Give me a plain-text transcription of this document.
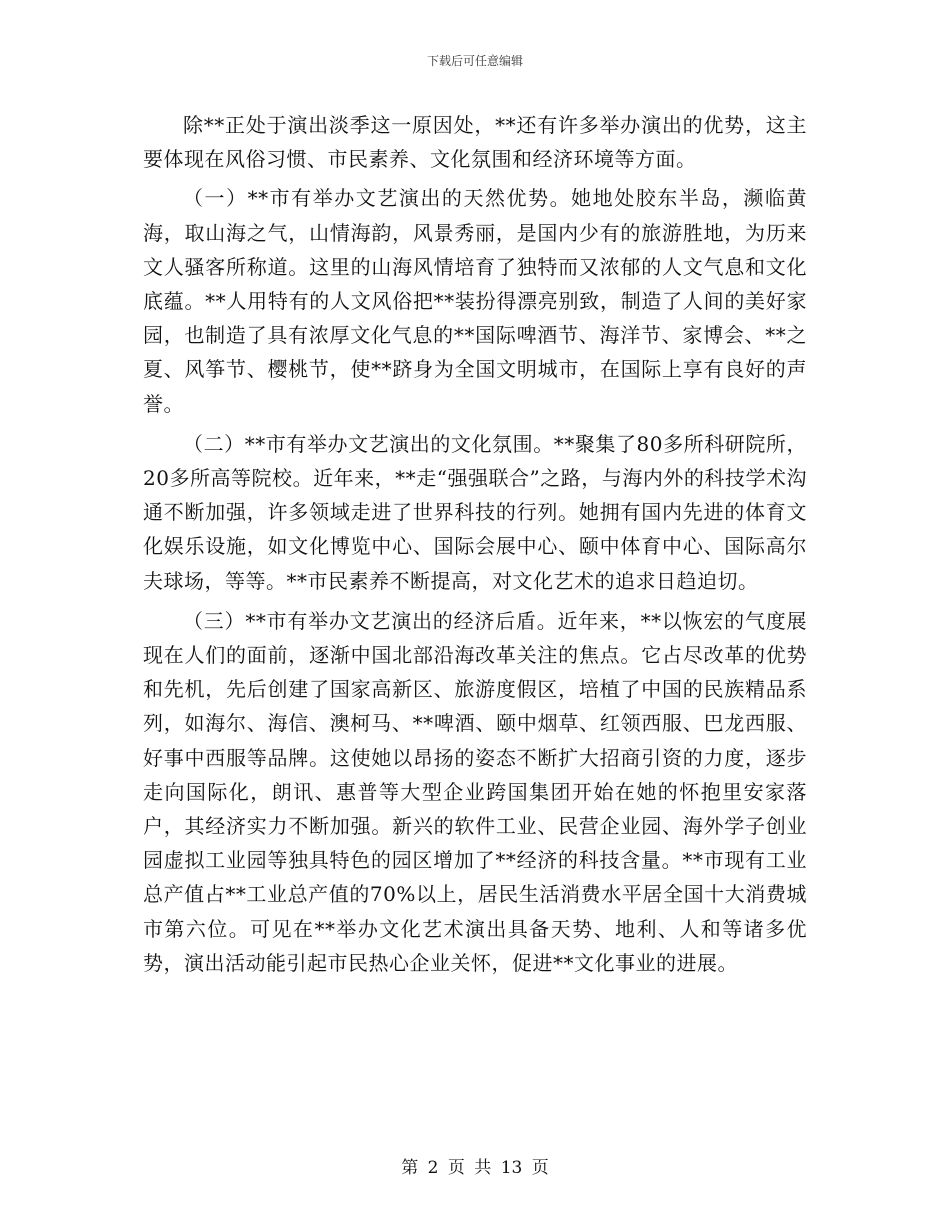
下载后可任意编辑

除**正处于演出淡季这一原因处，**还有许多举办演出的优势，这主要体现在风俗习惯、市民素养、文化氛围和经济环境等方面。

（一）**市有举办文艺演出的天然优势。她地处胶东半岛，濒临黄海，取山海之气，山情海韵，风景秀丽，是国内少有的旅游胜地，为历来文人骚客所称道。这里的山海风情培育了独特而又浓郁的人文气息和文化底蕴。**人用特有的人文风俗把**装扮得漂亮别致，制造了人间的美好家园，也制造了具有浓厚文化气息的**国际啤酒节、海洋节、家博会、**之夏、风筝节、樱桃节，使**跻身为全国文明城市，在国际上享有良好的声誉。

（二）**市有举办文艺演出的文化氛围。**聚集了80多所科研院所，20多所高等院校。近年来，**走“强强联合”之路，与海内外的科技学术沟通不断加强，许多领域走进了世界科技的行列。她拥有国内先进的体育文化娱乐设施，如文化博览中心、国际会展中心、颐中体育中心、国际高尔夫球场，等等。**市民素养不断提高，对文化艺术的追求日趋迫切。

（三）**市有举办文艺演出的经济后盾。近年来，**以恢宏的气度展现在人们的面前，逐渐中国北部沿海改革关注的焦点。它占尽改革的优势和先机，先后创建了国家高新区、旅游度假区，培植了中国的民族精品系列，如海尔、海信、澳柯马、**啤酒、颐中烟草、红领西服、巴龙西服、好事中西服等品牌。这使她以昂扬的姿态不断扩大招商引资的力度，逐步走向国际化，朗讯、惠普等大型企业跨国集团开始在她的怀抱里安家落户，其经济实力不断加强。新兴的软件工业、民营企业园、海外学子创业园虚拟工业园等独具特色的园区增加了**经济的科技含量。**市现有工业总产值占**工业总产值的70%以上，居民生活消费水平居全国十大消费城市第六位。可见在**举办文化艺术演出具备天势、地利、人和等诸多优势，演出活动能引起市民热心企业关怀，促进**文化事业的进展。

第 2 页 共 13 页
